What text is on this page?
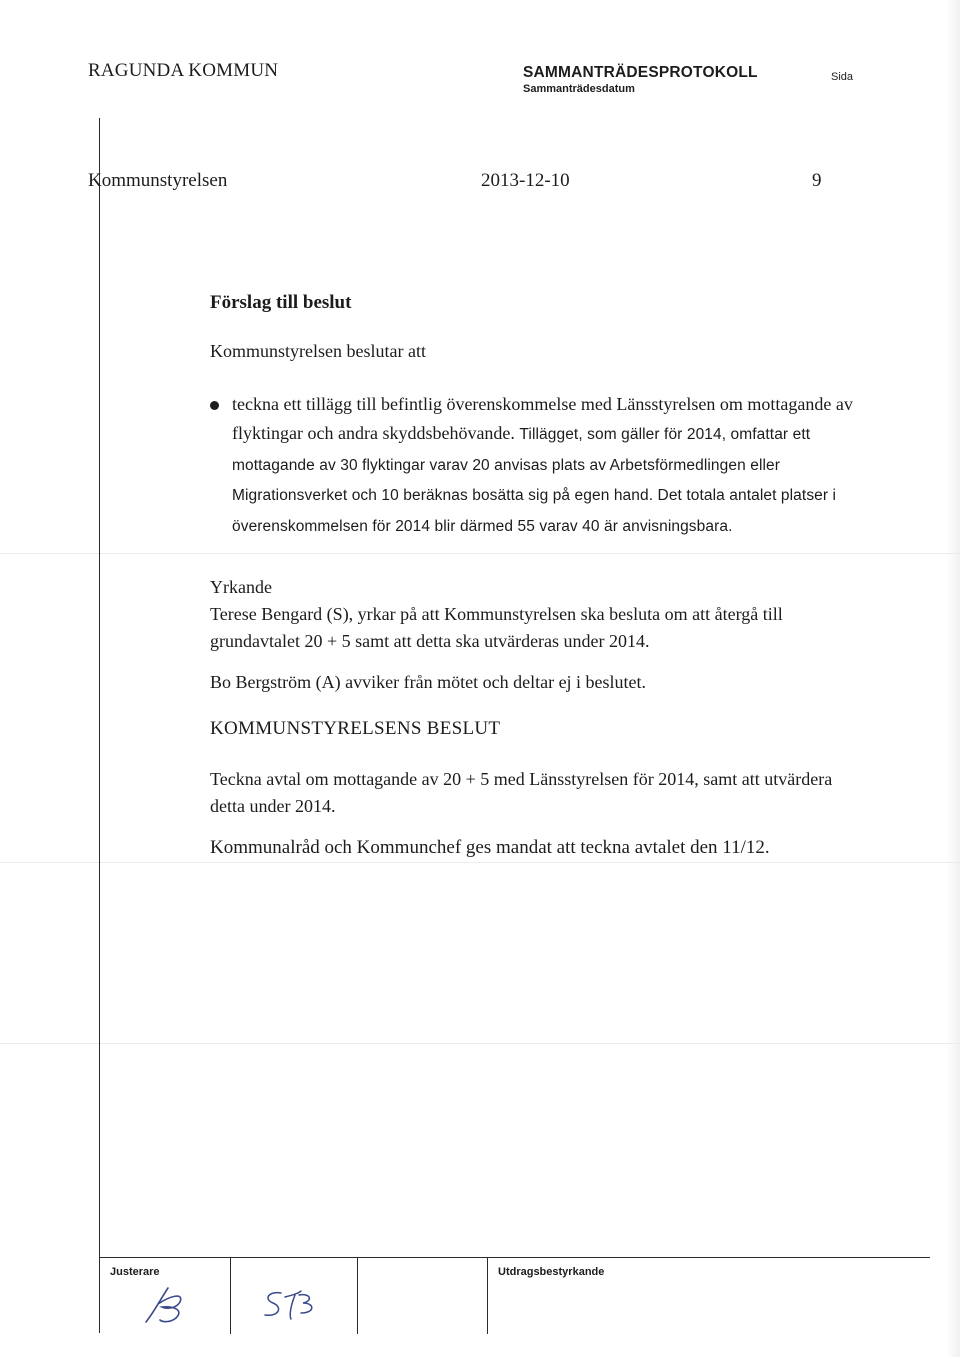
RAGUNDA KOMMUN	SAMMANTRÄDESPROTOKOLL
Sammanträdesdatum
Sida
Kommunstyrelsen	2013-12-10	9
Förslag till beslut
Kommunstyrelsen beslutar att
teckna ett tillägg till befintlig överenskommelse med Länsstyrelsen om mottagande av flyktingar och andra skyddsbehövande. Tillägget, som gäller för 2014, omfattar ett mottagande av 30 flyktingar varav 20 anvisas plats av Arbetsförmedlingen eller Migrationsverket och 10 beräknas bosätta sig på egen hand. Det totala antalet platser i överenskommelsen för 2014 blir därmed 55 varav 40 är anvisningsbara.
Yrkande
Terese Bengard (S), yrkar på att Kommunstyrelsen ska besluta om att återgå till grundavtalet 20 + 5 samt att detta ska utvärderas under 2014.
Bo Bergström (A) avviker från mötet och deltar ej i beslutet.
KOMMUNSTYRELSENS BESLUT
Teckna avtal om mottagande av 20 + 5 med Länsstyrelsen för 2014, samt att utvärdera detta under 2014.
Kommunalråd och Kommunchef ges mandat att teckna avtalet den 11/12.
Justerare	Utdragsbestyrkande
